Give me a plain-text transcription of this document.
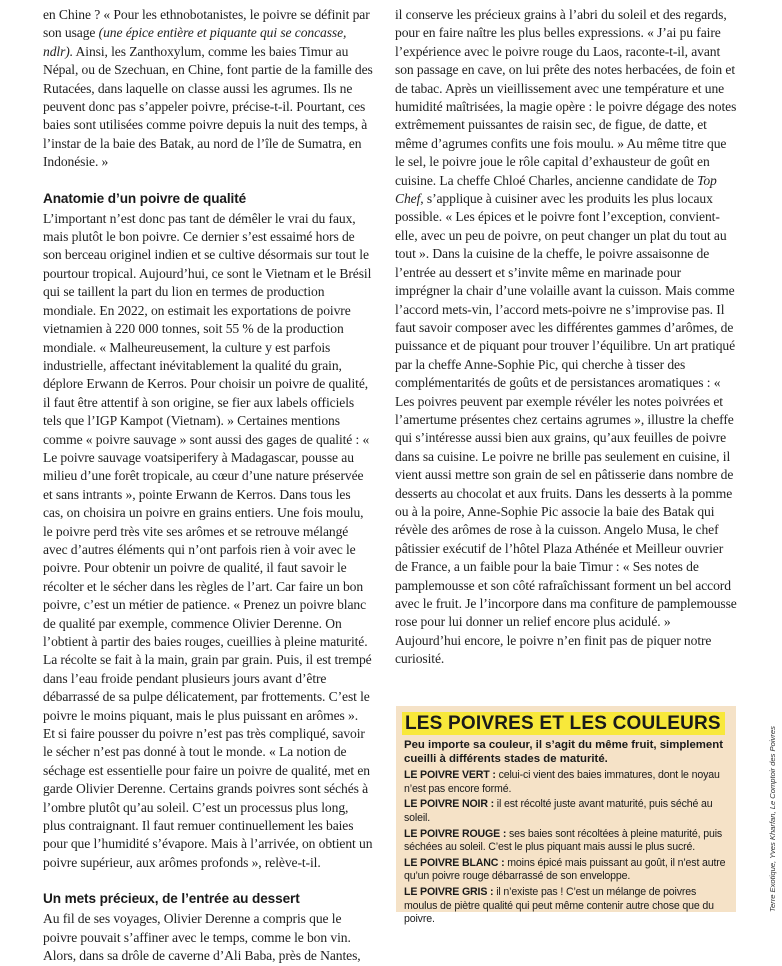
en Chine ? « Pour les ethnobotanistes, le poivre se définit par son usage (une épice entière et piquante qui se concasse, ndlr). Ainsi, les Zanthoxylum, comme les baies Timur au Népal, ou de Szechuan, en Chine, font partie de la famille des Rutacées, dans laquelle on classe aussi les agrumes. Ils ne peuvent donc pas s’appeler poivre, précise-t-il. Pourtant, ces baies sont utilisées comme poivre depuis la nuit des temps, à l’instar de la baie des Batak, au nord de l’île de Sumatra, en Indonésie. »

Anatomie d’un poivre de qualité

L’important n’est donc pas tant de démêler le vrai du faux, mais plutôt le bon poivre. Ce dernier s’est essaimé hors de son berceau originel indien et se cultive désormais sur tout le pourtour tropical. Aujourd’hui, ce sont le Vietnam et le Brésil qui se taillent la part du lion en termes de production mondiale. En 2022, on estimait les exportations de poivre vietnamien à 220 000 tonnes, soit 55 % de la production mondiale. « Malheureusement, la culture y est parfois industrielle, affectant inévitablement la qualité du grain, déplore Erwann de Kerros. Pour choisir un poivre de qualité, il faut être attentif à son origine, se fier aux labels officiels tels que l’IGP Kampot (Vietnam). » Certaines mentions comme « poivre sauvage » sont aussi des gages de qualité : « Le poivre sauvage voatsiperifery à Madagascar, pousse au milieu d’une forêt tropicale, au cœur d’une nature préservée et sans intrants », pointe Erwann de Kerros. Dans tous les cas, on choisira un poivre en grains entiers. Une fois moulu, le poivre perd très vite ses arômes et se retrouve mélangé avec d’autres éléments qui n’ont parfois rien à voir avec le poivre. Pour obtenir un poivre de qualité, il faut savoir le récolter et le sécher dans les règles de l’art. Car faire un bon poivre, c’est un métier de patience. « Prenez un poivre blanc de qualité par exemple, commence Olivier Derenne. On l’obtient à partir des baies rouges, cueillies à pleine maturité. La récolte se fait à la main, grain par grain. Puis, il est trempé dans l’eau froide pendant plusieurs jours avant d’être débarrassé de sa pulpe délicatement, par frottements. C’est le poivre le moins piquant, mais le plus puissant en arômes ». Et si faire pousser du poivre n’est pas très compliqué, savoir le sécher n’est pas donné à tout le monde. « La notion de séchage est essentielle pour faire un poivre de qualité, met en garde Olivier Derenne. Certains grands poivres sont séchés à l’ombre plutôt qu’au soleil. C’est un processus plus long, plus contraignant. Il faut remuer continuellement les baies pour que l’humidité s’évapore. Mais à l’arrivée, on obtient un poivre supérieur, aux arômes profonds », relève-t-il.

Un mets précieux, de l’entrée au dessert

Au fil de ses voyages, Olivier Derenne a compris que le poivre pouvait s’affiner avec le temps, comme le bon vin. Alors, dans sa drôle de caverne d’Ali Baba, près de Nantes,

il conserve les précieux grains à l’abri du soleil et des regards, pour en faire naître les plus belles expressions. « J’ai pu faire l’expérience avec le poivre rouge du Laos, raconte-t-il, avant son passage en cave, on lui prête des notes herbacées, de foin et de tabac. Après un vieillissement avec une température et une humidité maîtrisées, la magie opère : le poivre dégage des notes extrêmement puissantes de raisin sec, de figue, de datte, et même d’agrumes confits une fois moulu. » Au même titre que le sel, le poivre joue le rôle capital d’exhausteur de goût en cuisine. La cheffe Chloé Charles, ancienne candidate de Top Chef, s’applique à cuisiner avec les produits les plus locaux possible. « Les épices et le poivre font l’exception, convient-elle, avec un peu de poivre, on peut changer un plat du tout au tout ». Dans la cuisine de la cheffe, le poivre assaisonne de l’entrée au dessert et s’invite même en marinade pour imprégner la chair d’une volaille avant la cuisson. Mais comme l’accord mets-vin, l’accord mets-poivre ne s’improvise pas. Il faut savoir composer avec les différentes gammes d’arômes, de puissance et de piquant pour trouver l’équilibre. Un art pratiqué par la cheffe Anne-Sophie Pic, qui cherche à tisser des complémentarités de goûts et de persistances aromatiques : « Les poivres peuvent par exemple révéler les notes poivrées et l’amertume présentes chez certains agrumes », illustre la cheffe qui s’intéresse aussi bien aux grains, qu’aux feuilles de poivre dans sa cuisine. Le poivre ne brille pas seulement en cuisine, il vient aussi mettre son grain de sel en pâtisserie dans nombre de desserts au chocolat et aux fruits. Dans les desserts à la pomme ou à la poire, Anne-Sophie Pic associe la baie des Batak qui révèle des arômes de rose à la cuisson. Angelo Musa, le chef pâtissier exécutif de l’hôtel Plaza Athénée et Meilleur ouvrier de France, a un faible pour la baie Timur : « Ses notes de pamplemousse et son côté rafraîchissant forment un bel accord avec le fruit. Je l’incorpore dans ma confiture de pamplemousse rose pour lui donner un relief encore plus acidulé. » Aujourd’hui encore, le poivre n’en finit pas de piquer notre curiosité.

LES POIVRES ET LES COULEURS
Peu importe sa couleur, il s’agit du même fruit, simplement cueilli à différents stades de maturité.
LE POIVRE VERT : celui-ci vient des baies immatures, dont le noyau n’est pas encore formé.
LE POIVRE NOIR : il est récolté juste avant maturité, puis séché au soleil.
LE POIVRE ROUGE : ses baies sont récoltées à pleine maturité, puis séchées au soleil. C’est le plus piquant mais aussi le plus sucré.
LE POIVRE BLANC : moins épicé mais puissant au goût, il n’est autre qu’un poivre rouge débarrassé de son enveloppe.
LE POIVRE GRIS : il n’existe pas ! C’est un mélange de poivres moulus de piètre qualité qui peut même contenir autre chose que du poivre.
Terre Exotique, Yves Kharfan, Le Comptoir des Poivres
